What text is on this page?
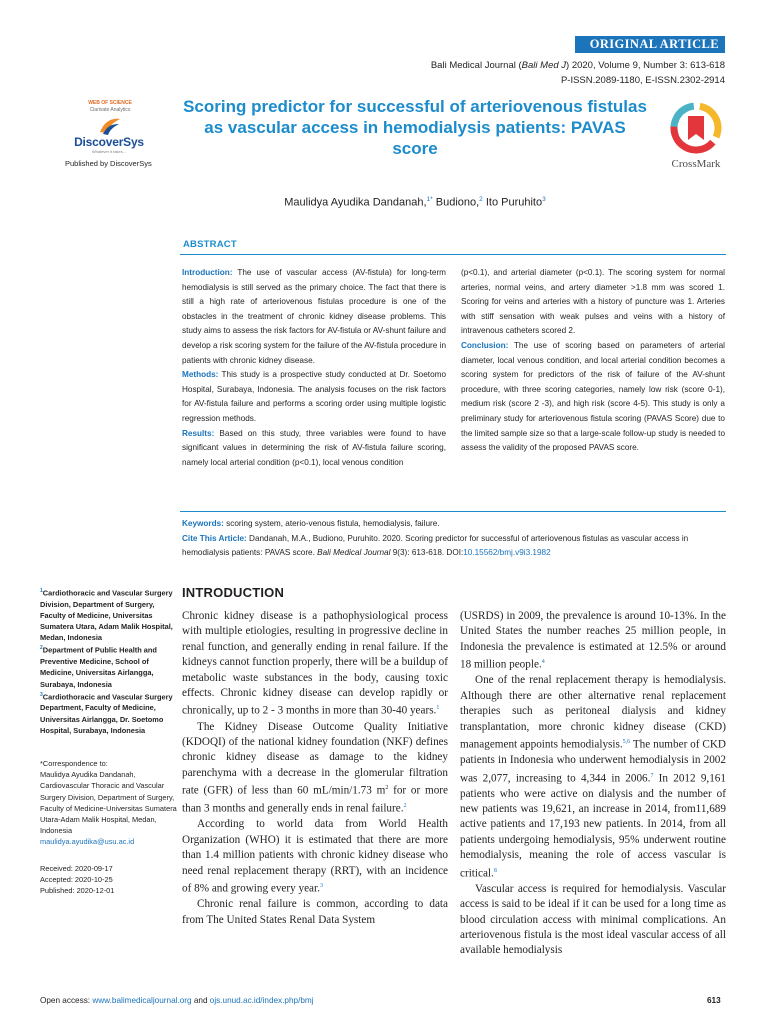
ORIGINAL ARTICLE
Bali Medical Journal (Bali Med J) 2020, Volume 9, Number 3: 613-618
P-ISSN.2089-1180, E-ISSN.2302-2914
WEB OF SCIENCE
Clarivate Analytics
DiscoverSys
Whatever it takes...
Published by DiscoverSys
Scoring predictor for successful of arteriovenous fistulas as vascular access in hemodialysis patients: PAVAS score
CrossMark
Maulidya Ayudika Dandanah,$^{1*}$ Budiono,$^2$ Ito Puruhito$^3$
ABSTRACT

Introduction: The use of vascular access (AV-fistula) for long-term hemodialysis is still served as the primary choice. The fact that there is still a high rate of arteriovenous fistulas procedure is one of the obstacles in the treatment of chronic kidney disease problems. This study aims to assess the risk factors for AV-fistula or AV-shunt failure and develop a risk scoring system for the failure of the AV-fistula procedure in patients with chronic kidney disease.

Methods: This study is a prospective study conducted at Dr. Soetomo Hospital, Surabaya, Indonesia. The analysis focuses on the risk factors for AV-fistula failure and performs a scoring order using multiple logistic regression methods.

Results: Based on this study, three variables were found to have significant values in determining the risk of AV-fistula failure scoring, namely local arterial condition (p<0.1), local venous condition

(p<0.1), and arterial diameter (p<0.1). The scoring system for normal arteries, normal veins, and artery diameter >1.8 mm was scored 1. Scoring for veins and arteries with a history of puncture was 1. Arteries with stiff sensation with weak pulses and veins with a history of intravenous catheters scored 2.

Conclusion: The use of scoring based on parameters of arterial diameter, local venous condition, and local arterial condition becomes a scoring system for predictors of the risk of failure of the AV-shunt procedure, with three scoring categories, namely low risk (score 0-1), medium risk (score 2 -3), and high risk (score 4-5). This study is only a preliminary study for arteriovenous fistula scoring (PAVAS Score) due to the limited sample size so that a large-scale follow-up study is needed to assess the validity of the proposed PAVAS score.

Keywords: scoring system, aterio-venous fistula, hemodialysis, failure.

Cite This Article: Dandanah, M.A., Budiono, Puruhito. 2020. Scoring predictor for successful of arteriovenous fistulas as vascular access in hemodialysis patients: PAVAS score. Bali Medical Journal 9(3): 613-618. DOI:10.15562/bmj.v9i3.1982

$^1$Cardiothoracic and Vascular Surgery Division, Department of Surgery, Faculty of Medicine, Universitas Sumatera Utara, Adam Malik Hospital, Medan, Indonesia

$^2$Department of Public Health and Preventive Medicine, School of Medicine, Universitas Airlangga, Surabaya, Indonesia

$^3$Cardiothoracic and Vascular Surgery Department, Faculty of Medicine, Universitas Airlangga, Dr. Soetomo Hospital, Surabaya, Indonesia

*Correspondence to:

Maulidya Ayudika Dandanah, Cardiovascular Thoracic and Vascular Surgery Division, Department of Surgery, Faculty of Medicine-Universitas Sumatera Utara-Adam Malik Hospital, Medan, Indonesia

maulidya.ayudika@usu.ac.id

Received: 2020-09-17

Accepted: 2020-10-25

Published: 2020-12-01

INTRODUCTION

Chronic kidney disease is a pathophysiological process with multiple etiologies, resulting in progressive decline in renal function, and generally ending in renal failure. If the kidneys cannot function properly, there will be a buildup of metabolic waste substances in the body, causing toxic effects. Chronic kidney disease can develop rapidly or chronically, up to 2 - 3 months in more than 30-40 years.$^1$

The Kidney Disease Outcome Quality Initiative (KDOQI) of the national kidney foundation (NKF) defines chronic kidney disease as damage to the kidney parenchyma with a decrease in the glomerular filtration rate (GFR) of less than 60 mL/min/1.73 $m^2$ for or more than 3 months and generally ends in renal failure.$^2$

According to world data from World Health Organization (WHO) it is estimated that there are more than 1.4 million patients with chronic kidney disease who need renal replacement therapy (RRT), with an incidence of 8% and growing every year.$^3$

Chronic renal failure is common, according to data from The United States Renal Data System

(USRDS) in 2009, the prevalence is around 10-13%. In the United States the number reaches 25 million people, in Indonesia the prevalence is estimated at 12.5% or around 18 million people.$^4$

One of the renal replacement therapy is hemodialysis. Although there are other alternative renal replacement therapies such as peritoneal dialysis and kidney transplantation, more chronic kidney disease (CKD) management appoints hemodialysis.$^{5,6}$ The number of CKD patients in Indonesia who underwent hemodialysis in 2002 was 2,077, increasing to 4,344 in 2006.$^7$ In 2012 9,161 patients who were active on dialysis and the number of new patients was 19,621, an increase in 2014, from11,689 active patients and 17,193 new patients. In 2014, from all patients undergoing hemodialysis, 95% underwent routine hemodialysis, meaning the role of access vascular is critical.$^8$

Vascular access is required for hemodialysis. Vascular access is said to be ideal if it can be used for a long time as blood circulation access with minimal complications. An arteriovenous fistula is the most ideal vascular access of all available hemodialysis

Open access: www.balimedicaljournal.org and ojs.unud.ac.id/index.php/bmj	613
